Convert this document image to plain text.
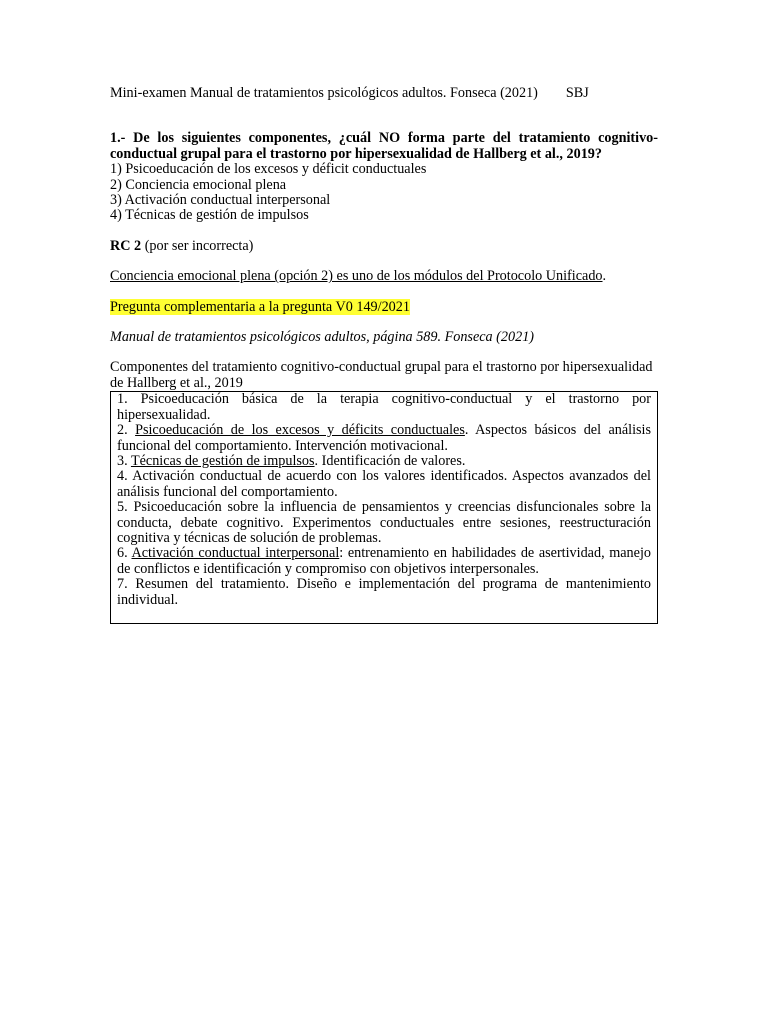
Mini-examen Manual de tratamientos psicológicos adultos. Fonseca (2021) SBJ
1.- De los siguientes componentes, ¿cuál NO forma parte del tratamiento cognitivo-conductual grupal para el trastorno por hipersexualidad de Hallberg et al., 2019?
1) Psicoeducación de los excesos y déficit conductuales
2) Conciencia emocional plena
3) Activación conductual interpersonal
4) Técnicas de gestión de impulsos
RC 2 (por ser incorrecta)
Conciencia emocional plena (opción 2) es uno de los módulos del Protocolo Unificado.
Pregunta complementaria a la pregunta V0 149/2021
Manual de tratamientos psicológicos adultos, página 589. Fonseca (2021)
Componentes del tratamiento cognitivo-conductual grupal para el trastorno por hipersexualidad de Hallberg et al., 2019
1. Psicoeducación básica de la terapia cognitivo-conductual y el trastorno por hipersexualidad.
2. Psicoeducación de los excesos y déficits conductuales. Aspectos básicos del análisis funcional del comportamiento. Intervención motivacional.
3. Técnicas de gestión de impulsos. Identificación de valores.
4. Activación conductual de acuerdo con los valores identificados. Aspectos avanzados del análisis funcional del comportamiento.
5. Psicoeducación sobre la influencia de pensamientos y creencias disfuncionales sobre la conducta, debate cognitivo. Experimentos conductuales entre sesiones, reestructuración cognitiva y técnicas de solución de problemas.
6. Activación conductual interpersonal: entrenamiento en habilidades de asertividad, manejo de conflictos e identificación y compromiso con objetivos interpersonales.
7. Resumen del tratamiento. Diseño e implementación del programa de mantenimiento individual.
